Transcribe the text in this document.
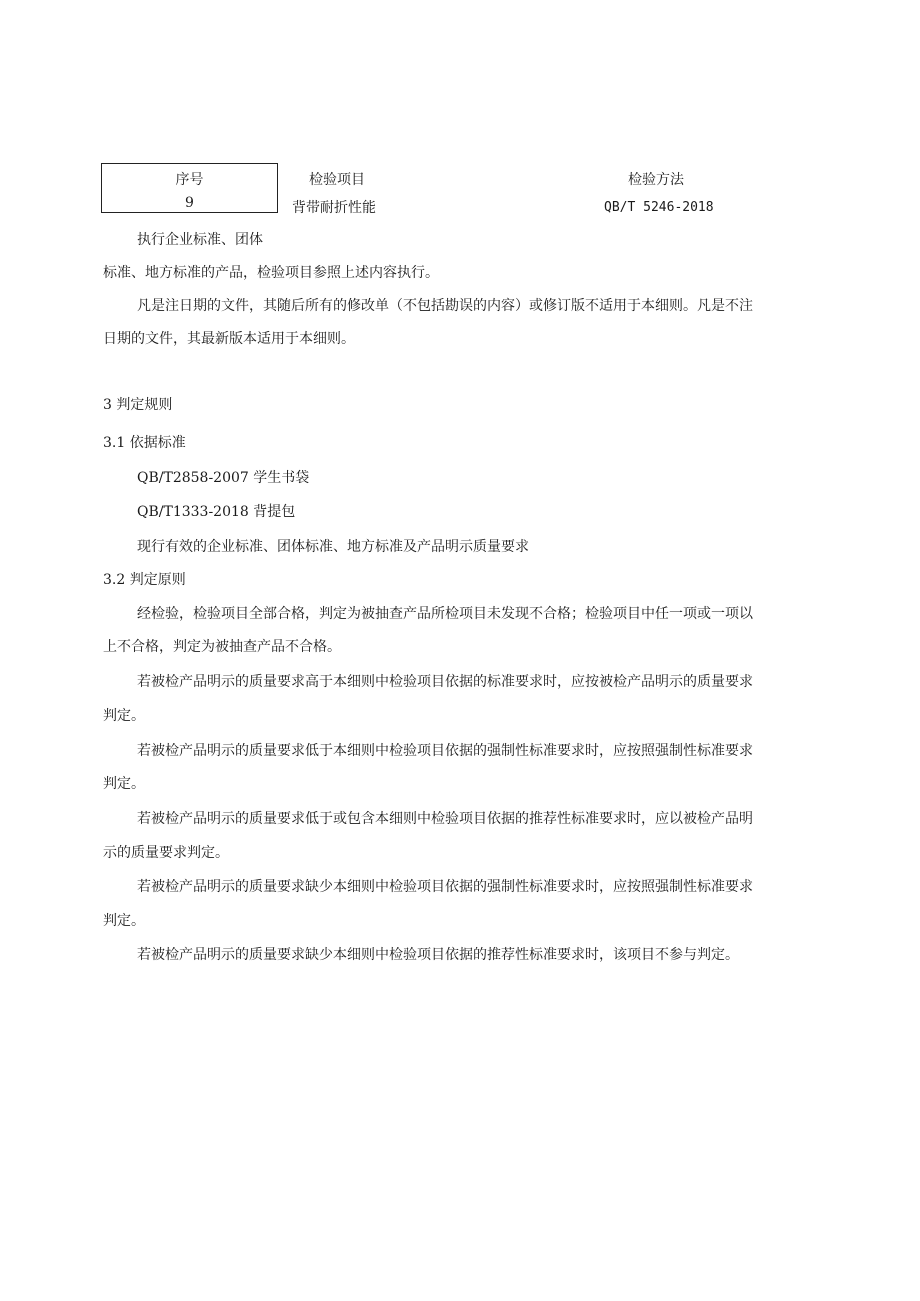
序号
9
检验项目
背带耐折性能
检验方法
QB/T 5246-2018
执行企业标准、团体
标准、地方标准的产品，检验项目参照上述内容执行。
凡是注日期的文件，其随后所有的修改单（不包括勘误的内容）或修订版不适用于本细则。凡是不注
日期的文件，其最新版本适用于本细则。
3 判定规则
3.1 依据标准
QB/T2858-2007 学生书袋
QB/T1333-2018 背提包
现行有效的企业标准、团体标准、地方标准及产品明示质量要求
3.2 判定原则
经检验，检验项目全部合格，判定为被抽查产品所检项目未发现不合格；检验项目中任一项或一项以
上不合格，判定为被抽查产品不合格。
若被检产品明示的质量要求高于本细则中检验项目依据的标准要求时，应按被检产品明示的质量要求
判定。
若被检产品明示的质量要求低于本细则中检验项目依据的强制性标准要求时，应按照强制性标准要求
判定。
若被检产品明示的质量要求低于或包含本细则中检验项目依据的推荐性标准要求时，应以被检产品明
示的质量要求判定。
若被检产品明示的质量要求缺少本细则中检验项目依据的强制性标准要求时，应按照强制性标准要求
判定。
若被检产品明示的质量要求缺少本细则中检验项目依据的推荐性标准要求时，该项目不参与判定。
